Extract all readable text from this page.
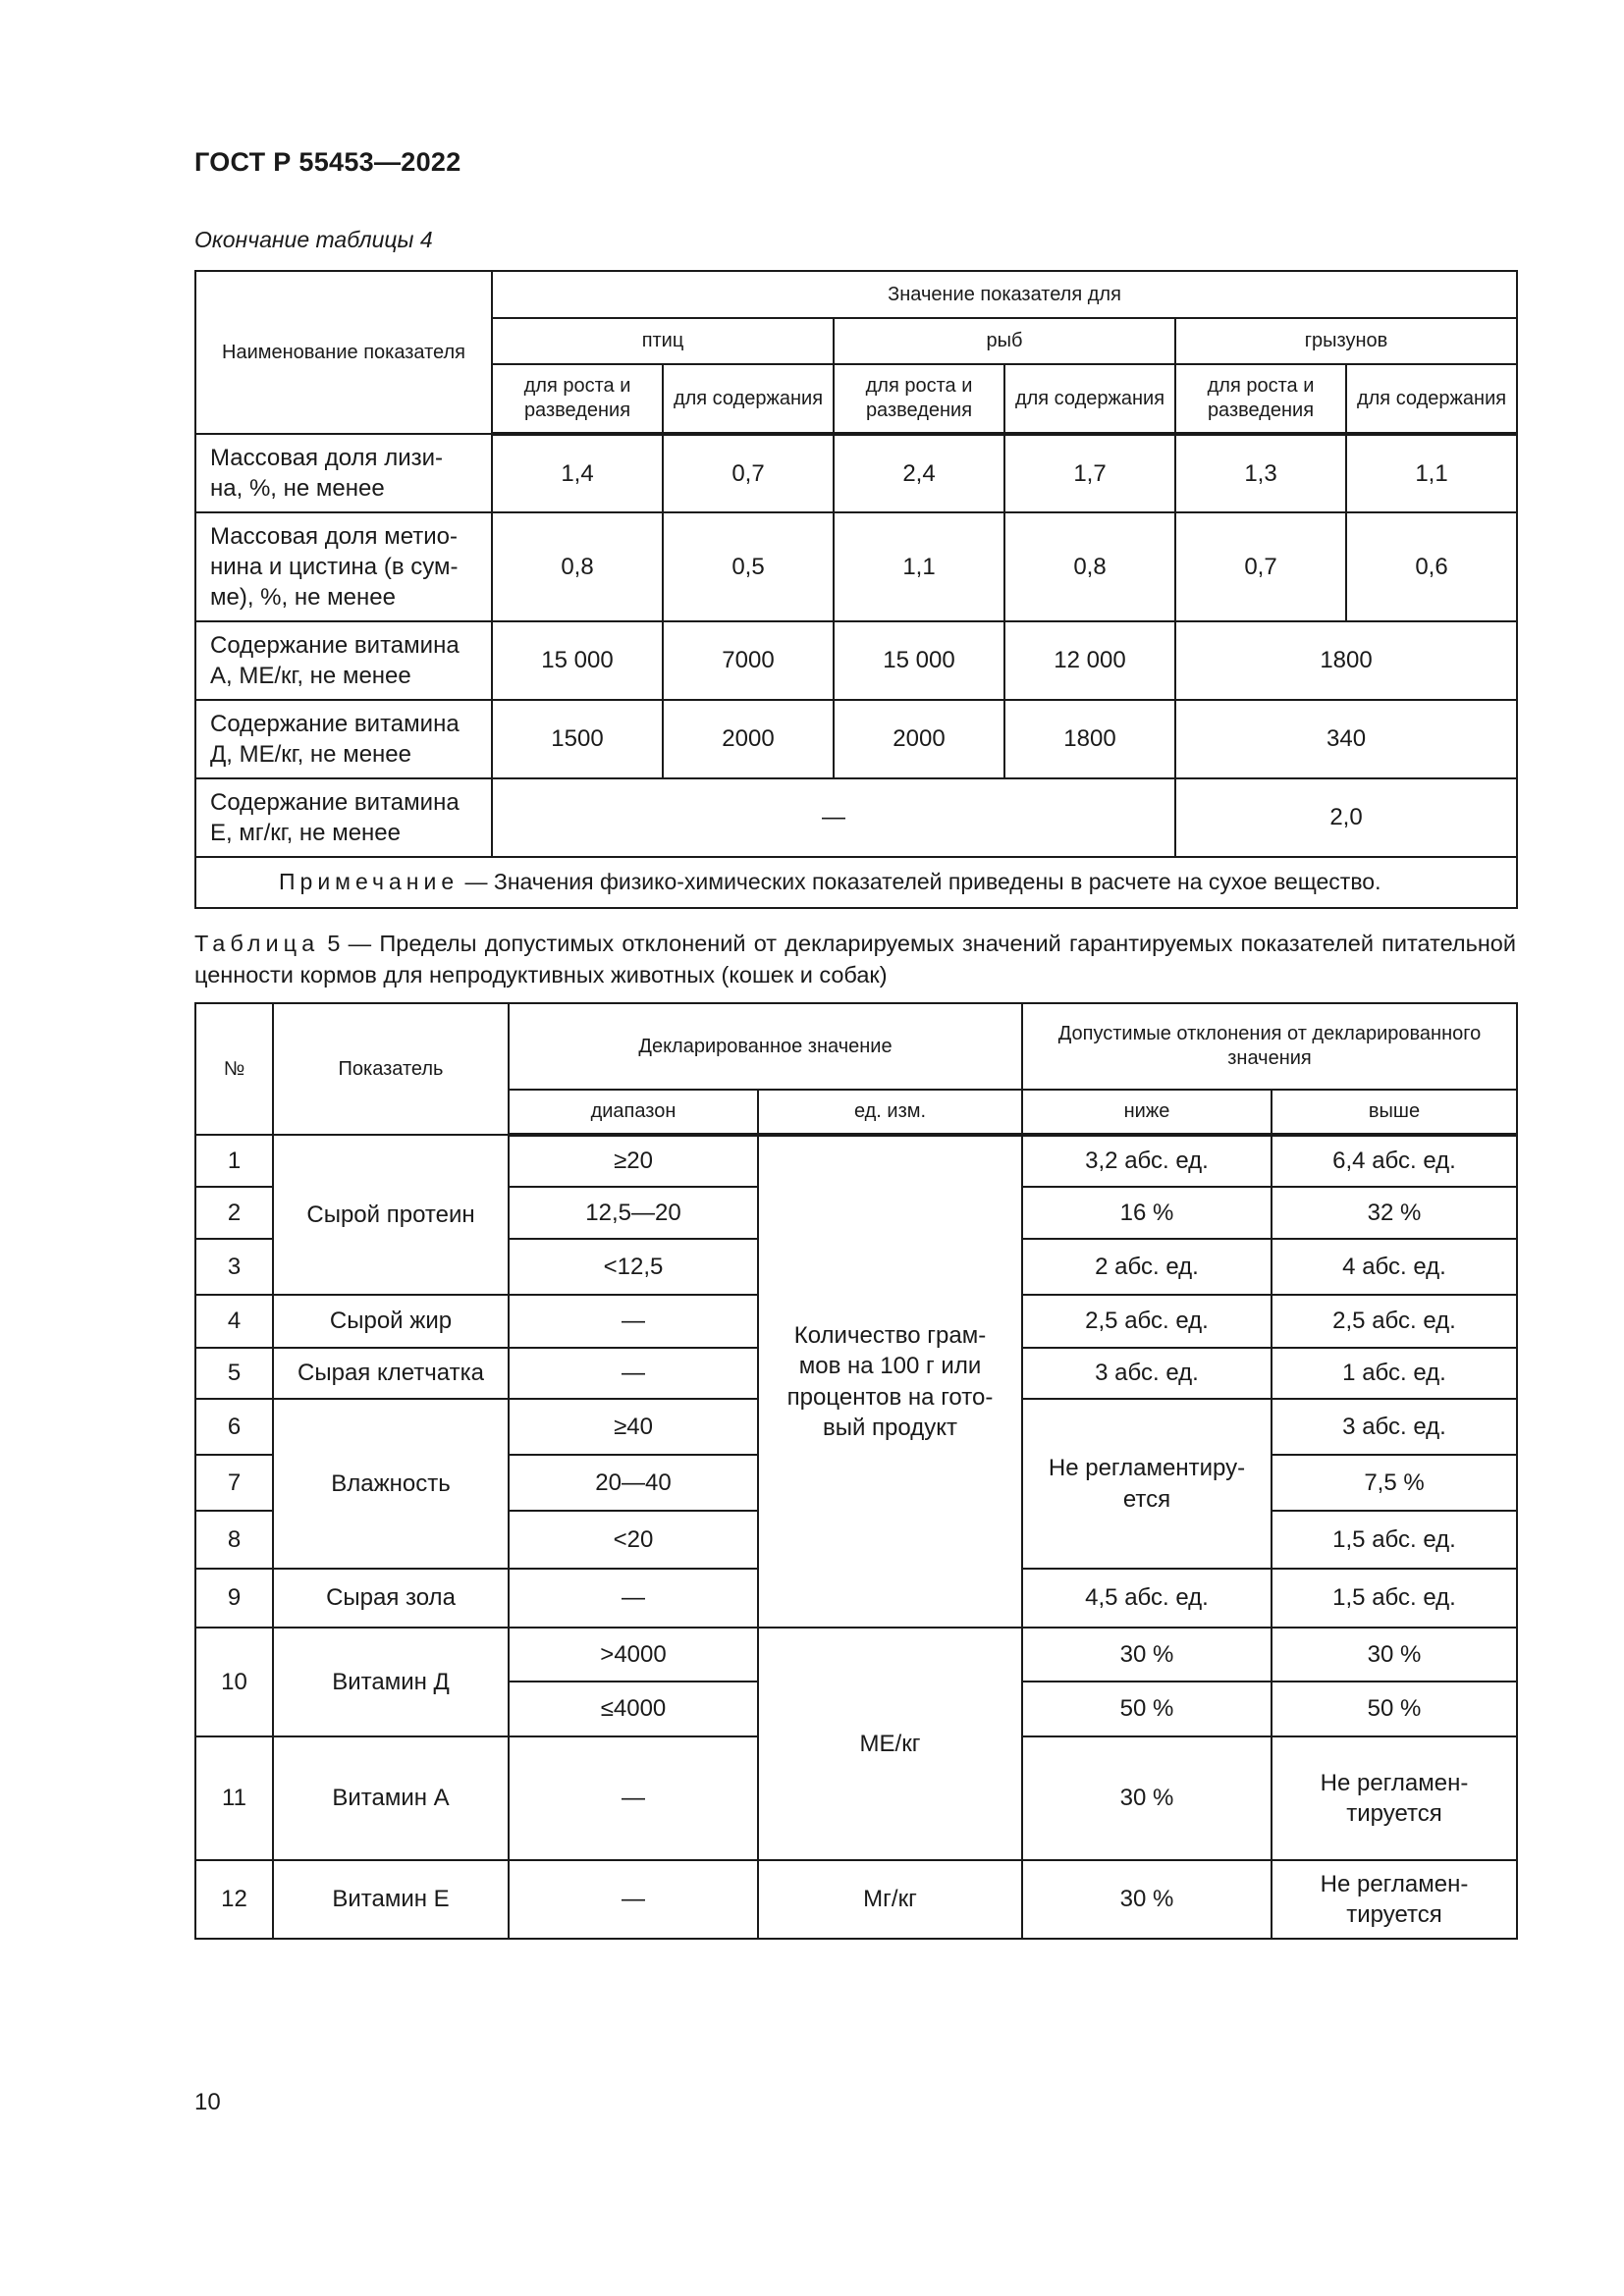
ГОСТ Р 55453—2022
Окончание таблицы 4
Наименование показателя	Значение показателя для					
	птиц		рыб		грызунов	
	для роста и разведения	для содержания	для роста и разведения	для содержания	для роста и разведения	для содержания
Массовая доля лизи-
на, %, не менее	1,4	0,7	2,4	1,7	1,3	1,1
Массовая доля метио-
нина и цистина (в сум-
ме), %, не менее	0,8	0,5	1,1	0,8	0,7	0,6
Содержание витамина
А, МЕ/кг, не менее	15 000	7000	15 000	12 000	1800	
Содержание витамина
Д, МЕ/кг, не менее	1500	2000	2000	1800	340	
Содержание витамина
Е, мг/кг, не менее	—				2,0	
Примечание — Значения физико-химических показателей приведены в расчете на сухое вещество.						
Таблица 5 — Пределы допустимых отклонений от декларируемых значений гарантируемых показателей питательной ценности кормов для непродуктивных животных (кошек и собак)
№	Показатель	Декларированное значение		Допустимые отклонения от декларированного значения	
		диапазон	ед. изм.	ниже	выше
1	Сырой протеин	≥20	Количество грам-
мов на 100 г или
процентов на гото-
вый продукт	3,2 абс. ед.	6,4 абс. ед.
2		12,5—20		16 %	32 %
3		<12,5		2 абс. ед.	4 абс. ед.
4	Сырой жир	—		2,5 абс. ед.	2,5 абс. ед.
5	Сырая клетчатка	—		3 абс. ед.	1 абс. ед.
6	Влажность	≥40		Не регламентиру-
ется	3 абс. ед.
7		20—40			7,5 %
8		<20			1,5 абс. ед.
9	Сырая зола	—		4,5 абс. ед.	1,5 абс. ед.
10	Витамин Д	>4000	МЕ/кг	30 %	30 %
		≤4000		50 %	50 %
11	Витамин А	—		30 %	Не регламен-
тируется
12	Витамин Е	—	Мг/кг	30 %	Не регламен-
тируется
10
